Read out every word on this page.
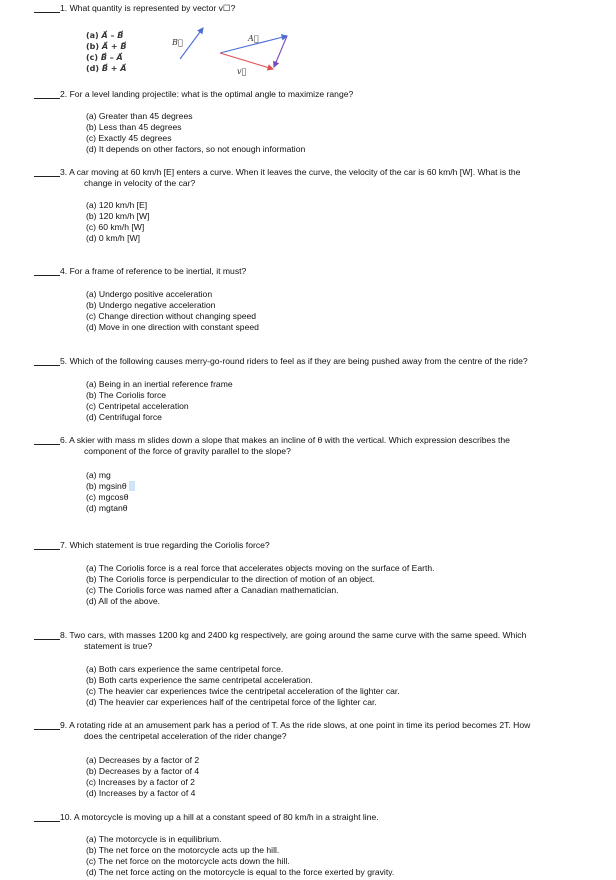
1. What quantity is represented by vector v☐?
(a) A⃗ – B⃗
(b) A⃗ + B⃗
(c) B⃗ – A⃗
(d) B⃗ + A⃗
B⃗	A⃗
v⃗
2. For a level landing projectile: what is the optimal angle to maximize range?
(a) Greater than 45 degrees
(b) Less than 45 degrees
(c) Exactly 45 degrees
(d) It depends on other factors, so not enough information
3. A car moving at 60 km/h [E] enters a curve. When it leaves the curve, the velocity of the car is 60 km/h [W]. What is the
change in velocity of the car?
(a) 120 km/h [E]
(b) 120 km/h [W]
(c) 60 km/h [W]
(d) 0 km/h [W]
4. For a frame of reference to be inertial, it must?
(a) Undergo positive acceleration
(b) Undergo negative acceleration
(c) Change direction without changing speed
(d) Move in one direction with constant speed
5. Which of the following causes merry-go-round riders to feel as if they are being pushed away from the centre of the ride?
(a) Being in an inertial reference frame
(b) The Coriolis force
(c) Centripetal acceleration
(d) Centrifugal force
6. A skier with mass m slides down a slope that makes an incline of θ with the vertical. Which expression describes the
component of the force of gravity parallel to the slope?
(a) mg
(b) mgsinθ
(c) mgcosθ
(d) mgtanθ
7. Which statement is true regarding the Coriolis force?
(a) The Coriolis force is a real force that accelerates objects moving on the surface of Earth.
(b) The Coriolis force is perpendicular to the direction of motion of an object.
(c) The Coriolis force was named after a Canadian mathematician.
(d) All of the above.
8. Two cars, with masses 1200 kg and 2400 kg respectively, are going around the same curve with the same speed. Which
statement is true?
(a) Both cars experience the same centripetal force.
(b) Both carts experience the same centripetal acceleration.
(c) The heavier car experiences twice the centripetal acceleration of the lighter car.
(d) The heavier car experiences half of the centripetal force of the lighter car.
9. A rotating ride at an amusement park has a period of T. As the ride slows, at one point in time its period becomes 2T. How
does the centripetal acceleration of the rider change?
(a) Decreases by a factor of 2
(b) Decreases by a factor of 4
(c) Increases by a factor of 2
(d) Increases by a factor of 4
10. A motorcycle is moving up a hill at a constant speed of 80 km/h in a straight line.
(a) The motorcycle is in equilibrium.
(b) The net force on the motorcycle acts up the hill.
(c) The net force on the motorcycle acts down the hill.
(d) The net force acting on the motorcycle is equal to the force exerted by gravity.
